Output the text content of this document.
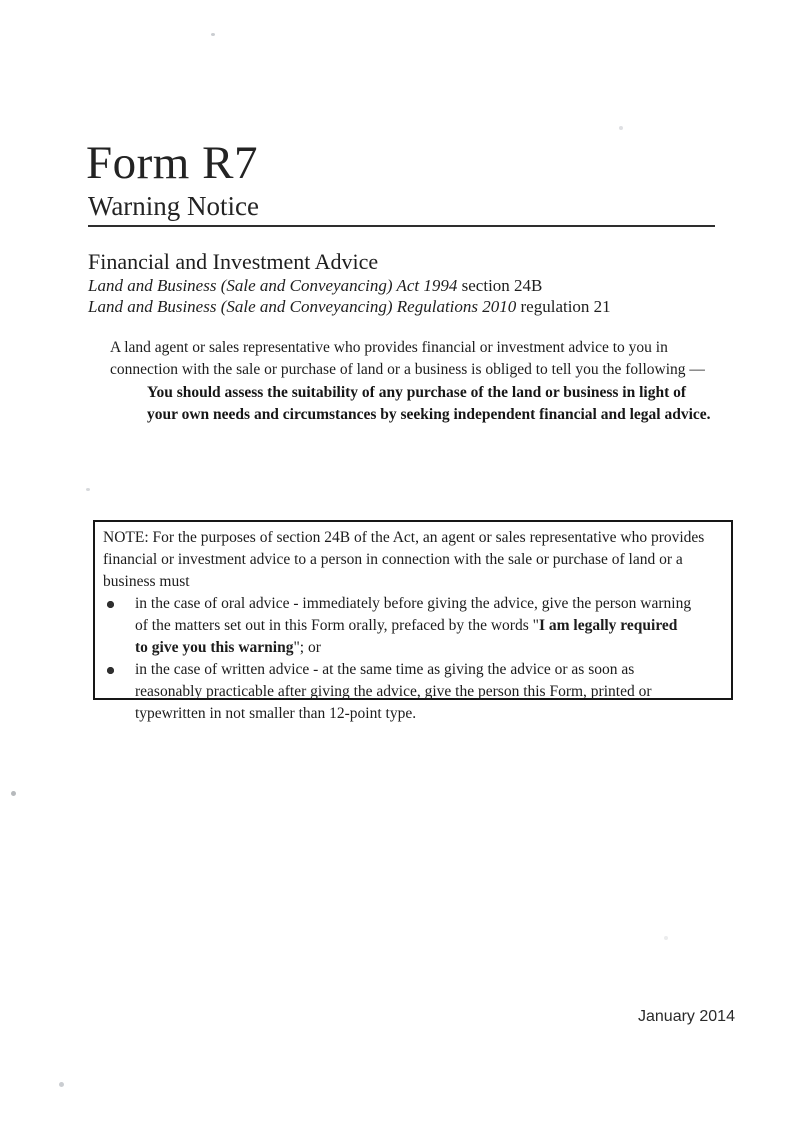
Form R7
Warning Notice
Financial and Investment Advice
Land and Business (Sale and Conveyancing) Act 1994 section 24B
Land and Business (Sale and Conveyancing) Regulations 2010 regulation 21
A land agent or sales representative who provides financial or investment advice to you in connection with the sale or purchase of land or a business is obliged to tell you the following —
You should assess the suitability of any purchase of the land or business in light of your own needs and circumstances by seeking independent financial and legal advice.

NOTE: For the purposes of section 24B of the Act, an agent or sales representative who provides financial or investment advice to a person in connection with the sale or purchase of land or a business must

in the case of oral advice - immediately before giving the advice, give the person warning of the matters set out in this Form orally, prefaced by the words "I am legally required to give you this warning"; or
in the case of written advice - at the same time as giving the advice or as soon as reasonably practicable after giving the advice, give the person this Form, printed or typewritten in not smaller than 12-point type.
January 2014
